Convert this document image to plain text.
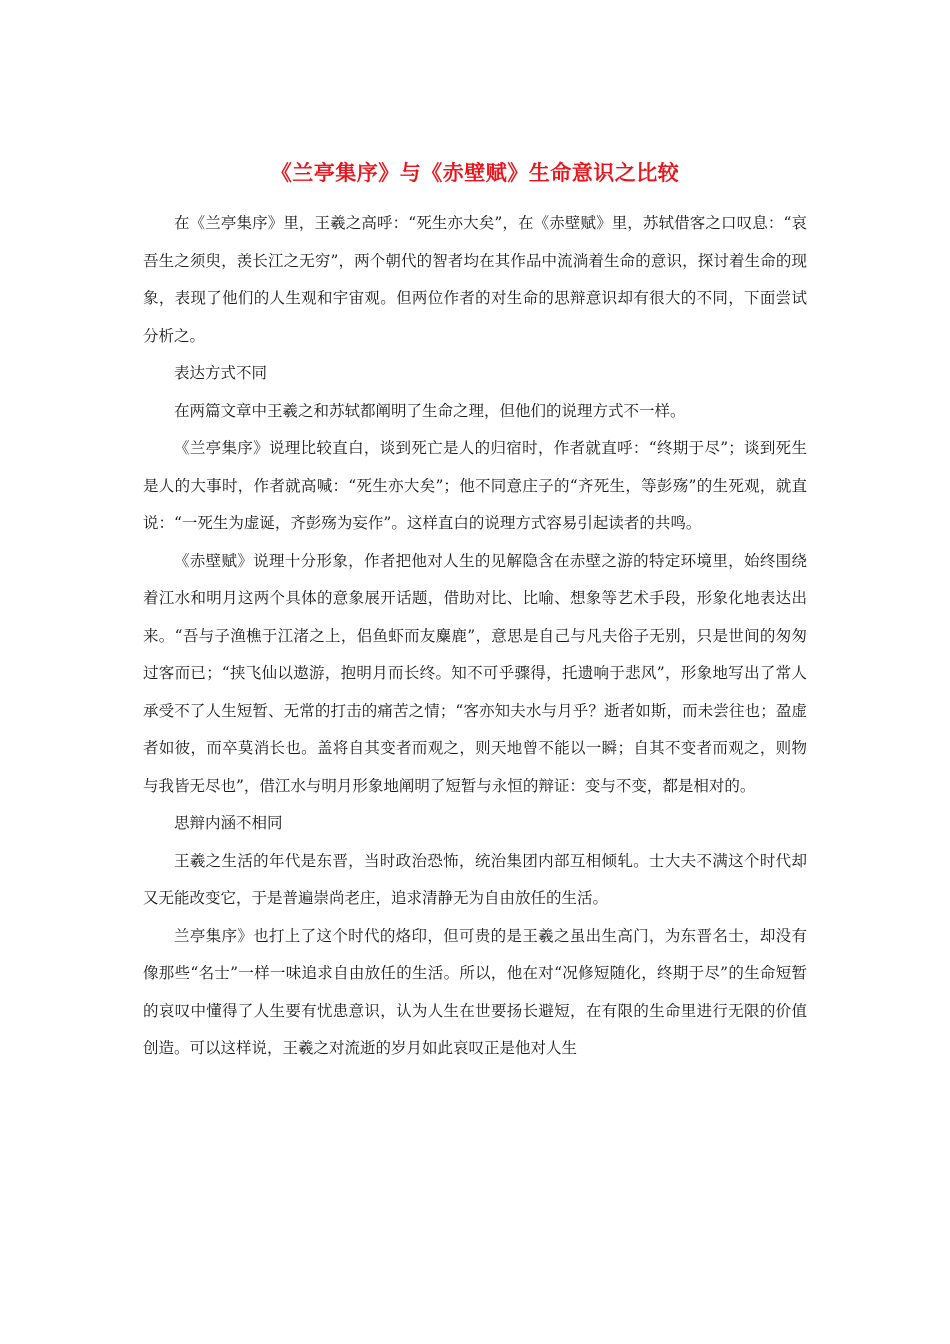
《兰亭集序》与《赤壁赋》生命意识之比较

在《兰亭集序》里，王羲之高呼：“死生亦大矣”，在《赤壁赋》里，苏轼借客之口叹息：“哀吾生之须臾，羡长江之无穷”，两个朝代的智者均在其作品中流淌着生命的意识，探讨着生命的现象，表现了他们的人生观和宇宙观。但两位作者的对生命的思辩意识却有很大的不同，下面尝试分析之。

表达方式不同

在两篇文章中王羲之和苏轼都阐明了生命之理，但他们的说理方式不一样。

《兰亭集序》说理比较直白，谈到死亡是人的归宿时，作者就直呼：“终期于尽”；谈到死生是人的大事时，作者就高喊：“死生亦大矣”；他不同意庄子的“齐死生，等彭殇”的生死观，就直说：“一死生为虚诞，齐彭殇为妄作”。这样直白的说理方式容易引起读者的共鸣。

《赤壁赋》说理十分形象，作者把他对人生的见解隐含在赤壁之游的特定环境里，始终围绕着江水和明月这两个具体的意象展开话题，借助对比、比喻、想象等艺术手段，形象化地表达出来。“吾与子渔樵于江渚之上，侣鱼虾而友麋鹿”，意思是自己与凡夫俗子无别，只是世间的匆匆过客而已；“挟飞仙以遨游，抱明月而长终。知不可乎骤得，托遗响于悲风”，形象地写出了常人承受不了人生短暂、无常的打击的痛苦之情；“客亦知夫水与月乎？逝者如斯，而未尝往也；盈虚者如彼，而卒莫消长也。盖将自其变者而观之，则天地曾不能以一瞬；自其不变者而观之，则物与我皆无尽也”，借江水与明月形象地阐明了短暂与永恒的辩证：变与不变，都是相对的。

思辩内涵不相同

王羲之生活的年代是东晋，当时政治恐怖，统治集团内部互相倾轧。士大夫不满这个时代却又无能改变它，于是普遍崇尚老庄，追求清静无为自由放任的生活。

兰亭集序》也打上了这个时代的烙印，但可贵的是王羲之虽出生高门，为东晋名士，却没有像那些“名士”一样一味追求自由放任的生活。所以，他在对“况修短随化，终期于尽”的生命短暂的哀叹中懂得了人生要有忧患意识，认为人生在世要扬长避短，在有限的生命里进行无限的价值创造。可以这样说，王羲之对流逝的岁月如此哀叹正是他对人生
